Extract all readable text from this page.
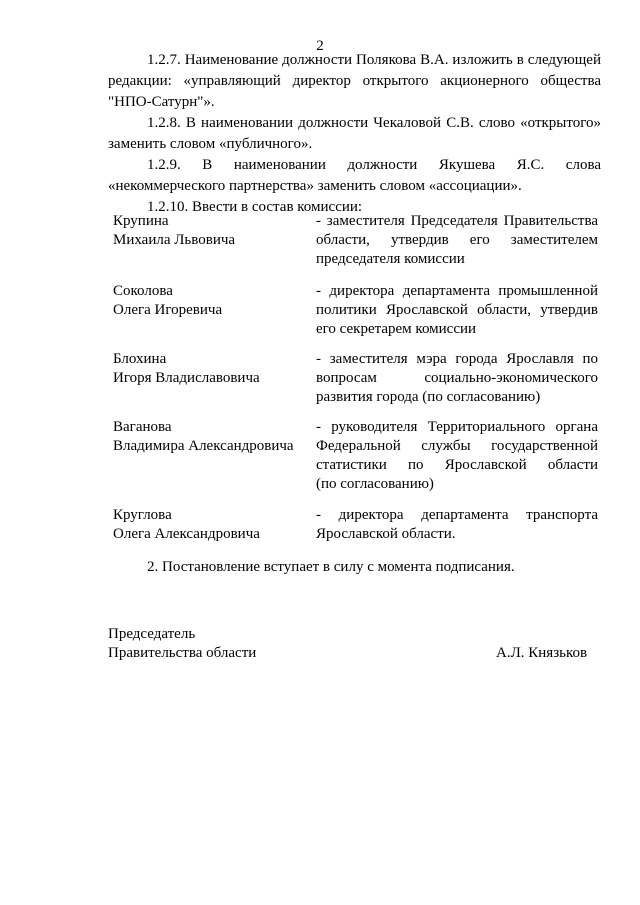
2
1.2.7. Наименование должности Полякова В.А. изложить в следующей
редакции: «управляющий директор открытого акционерного общества
"НПО-Сатурн"».
1.2.8. В наименовании должности Чекаловой С.В. слово «открытого»
заменить словом «публичного».
1.2.9. В наименовании должности Якушева Я.С. слова
«некоммерческого партнерства» заменить словом «ассоциации».
1.2.10. Ввести в состав комиссии:
Крупина
Михаила Львовича
- заместителя Председателя Правительства
области, утвердив его заместителем
председателя комиссии
Соколова
Олега Игоревича
- директора департамента промышленной
политики Ярославской области, утвердив
его секретарем комиссии
Блохина
Игоря Владиславовича
- заместителя мэра города Ярославля по
вопросам социально-экономического
развития города (по согласованию)
Ваганова
Владимира Александровича
- руководителя Территориального органа
Федеральной службы государственной
статистики по Ярославской области
(по согласованию)
- директора департамента транспорта
Ярославской области.
Круглова
Олега Александровича
2. Постановление вступает в силу с момента подписания.
Председатель
Правительства области	А.Л. Князьков
